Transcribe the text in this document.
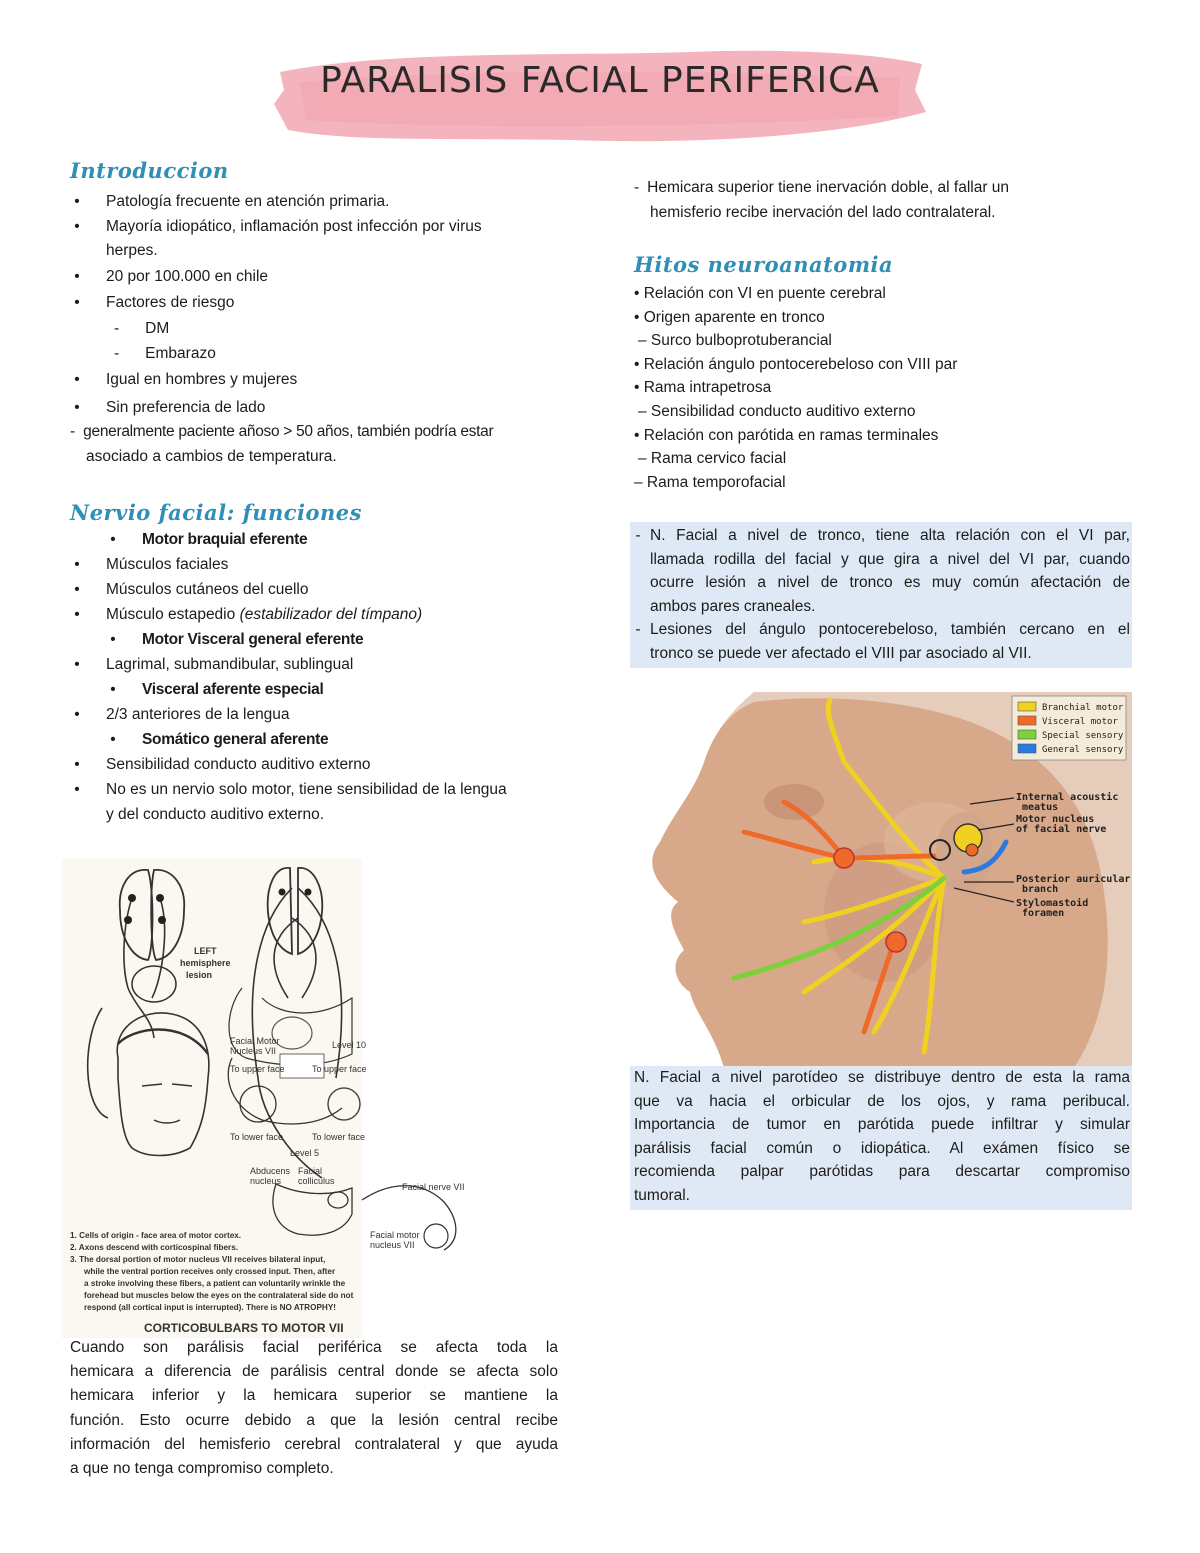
PARALISIS FACIAL PERIFERICA
Introduccion
• Patología frecuente en atención primaria.
• Mayoría idiopático, inflamación post infección por virus
herpes.
• 20 por 100.000 en chile
• Factores de riesgo
- DM
- Embarazo
• Igual en hombres y mujeres
• Sin preferencia de lado
- generalmente paciente añoso > 50 años, también podría estar
asociado a cambios de temperatura.
Nervio facial: funciones
• Motor braquial eferente
• Músculos faciales
• Músculos cutáneos del cuello
• Músculo estapedio (estabilizador del tímpano)
• Motor Visceral general eferente
• Lagrimal, submandibular, sublingual
• Visceral aferente especial
• 2/3 anteriores de la lengua
• Somático general aferente
• Sensibilidad conducto auditivo externo
• No es un nervio solo motor, tiene sensibilidad de la lengua
y del conducto auditivo externo.
LEFT
hemisphere
lesion
Facial Motor
Nucleus VII
Level 10
To upper face
To lower face
To upper face
To lower face
Level 5
Abducens
nucleus
Facial
colliculus
1. Cells of origin - face area of motor cortex.
2. Axons descend with corticospinal fibers.
3. The dorsal portion of motor nucleus VII receives bilateral input,
while the ventral portion receives only crossed input. Then, after
a stroke involving these fibers, a patient can voluntarily wrinkle the
forehead but muscles below the eyes on the contralateral side do not
respond (all cortical input is interrupted). There is NO ATROPHY!
CORTICOBULBARS TO MOTOR VII
Facial nerve VII
Facial motor
nucleus VII
Cuando son parálisis facial periférica se afecta toda la
hemicara a diferencia de parálisis central donde se afecta solo
hemicara inferior y la hemicara superior se mantiene la
función. Esto ocurre debido a que la lesión central recibe
información del hemisferio cerebral contralateral y que ayuda
a que no tenga compromiso completo.
- Hemicara superior tiene inervación doble, al fallar un
hemisferio recibe inervación del lado contralateral.
Hitos neuroanatomia
• Relación con VI en puente cerebral
• Origen aparente en tronco
– Surco bulboprotuberancial
• Relación ángulo pontocerebeloso con VIII par
• Rama intrapetrosa
– Sensibilidad conducto auditivo externo
• Relación con parótida en ramas terminales
– Rama cervico facial
– Rama temporofacial
- N. Facial a nivel de tronco, tiene alta relación con el VI par,
llamada rodilla del facial y que gira a nivel del VI par, cuando
ocurre lesión a nivel de tronco es muy común afectación de
ambos pares craneales.
- Lesiones del ángulo pontocerebeloso, también cercano en el
tronco se puede ver afectado el VIII par asociado al VII.
Branchial motor
Visceral motor
Special sensory
General sensory
Internal acoustic
meatus
Motor nucleus
of facial nerve
Posterior auricular
branch
Stylomastoid
foramen
N. Facial a nivel parotídeo se distribuye dentro de esta la rama
que va hacia el orbicular de los ojos, y rama peribucal.
Importancia de tumor en parótida puede infiltrar y simular
parálisis facial común o idiopática. Al exámen físico se
recomienda palpar parótidas para descartar compromiso
tumoral.
